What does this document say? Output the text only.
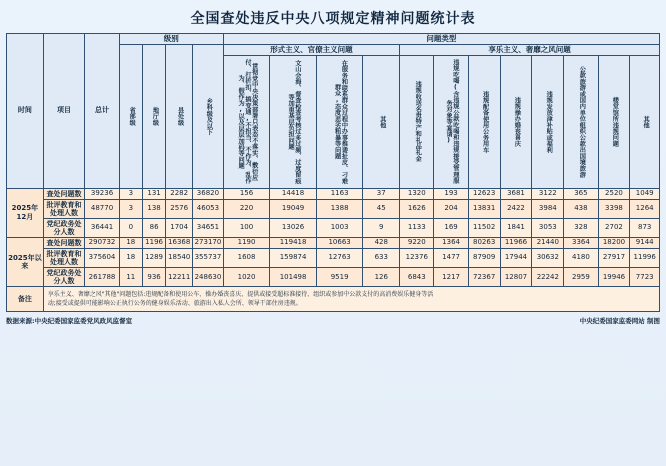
全国查处违反中央八项规定精神问题统计表
时间	项目	总计	级别				问题类型											
			省部级	地厅级	县处级	乡科级及以下	形式主义、官僚主义问题				享乐主义、奢靡之风问题							
							贯彻党中央决策部署只表态不落实、敷衍应付、打折扣、搞变通,不担当、不作为、乱作为、假作为,以及层层加码等问题	文山会海、督查检查考核过多过频、过度留痕等加重基层负担问题	在服务和联系群众过程中办事推诿扯皮、刁难群众,态度恶劣粗暴等问题	其他	违规收送名贵特产和礼品礼金	违规吃喝(含违规公款吃喝和违规接受管理服务对象等宴请)	违规配备使用公务用车	违规操办婚丧喜庆	违规发放津补贴或福利	公款旅游或国内单位组织公款出国境旅游	楼堂馆所违规问题	其他
2025年12月	查处问题数	39236	3	131	2282	36820	156	14418	1163	37	1320	193	12623	3681	3122	365	2520	1049
	批评教育和处理人数	48770	3	138	2576	46053	220	19049	1388	45	1626	204	13831	2422	3984	438	3398	1264
	党纪政务处分人数	36441	0	86	1704	34651	100	13026	1003	9	1133	169	11502	1841	3053	328	2702	873
2025年以来	查处问题数	290732	18	1196	16368	273170	1190	119418	10663	428	9220	1364	80263	11966	21440	3364	18200	9144
	批评教育和处理人数	375604	18	1289	18540	355737	1608	159874	12763	633	12376	1477	87909	17944	30632	4180	27917	11996
	党纪政务处分人数	261788	11	936	12211	248630	1020	101498	9519	126	6843	1217	72367	12807	22242	2959	19946	7723
备注	享乐主义、奢靡之风"其他"问题包括:违规配备和使用公车、操办婚丧喜庆、提供或接受超标准接待、组织或参加中公款支付的高消费娱乐健身等活
动;接受或提供可能影响公正执行公务的健身娱乐活动、旅游出入私人会所、领导干部住房违规。																	
数据来源:中央纪委国家监委党风政风监督室	中央纪委国家监委网站 制图
